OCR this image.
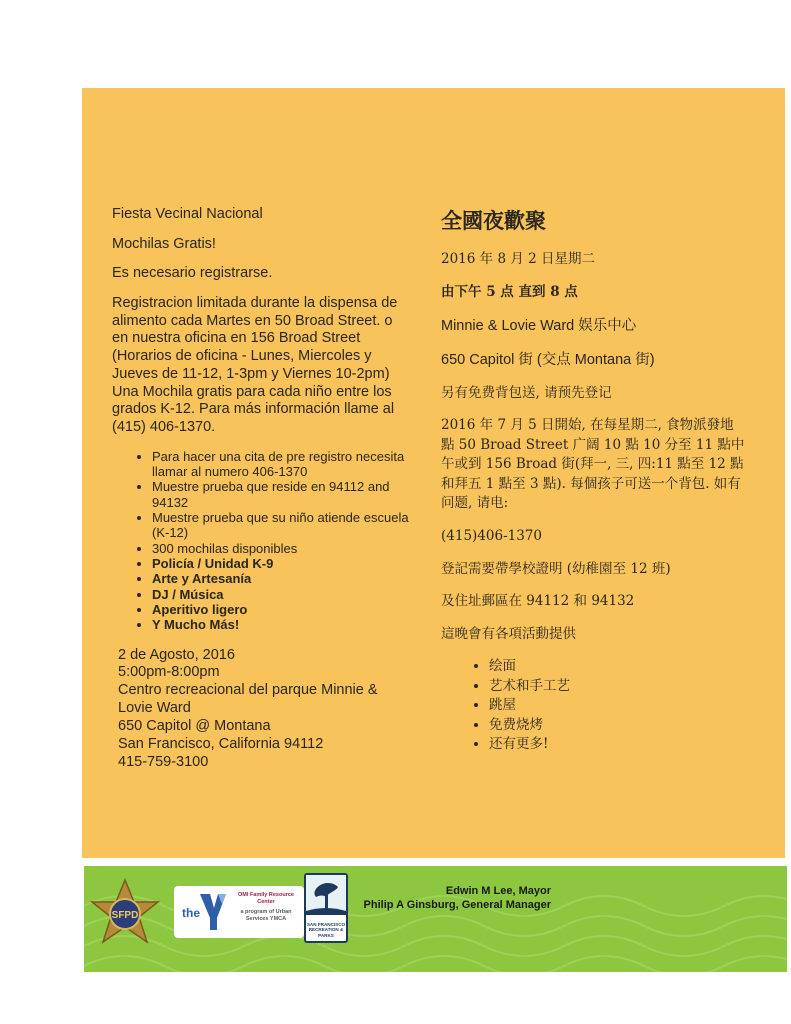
Fiesta Vecinal Nacional

Mochilas Gratis!

Es necesario registrarse.

Registracion limitada durante la dispensa de alimento cada Martes en 50 Broad Street. o en nuestra oficina en 156 Broad Street (Horarios de oficina - Lunes, Miercoles y Jueves de 11-12, 1-3pm y Viernes 10-2pm) Una Mochila gratis para cada niño entre los grados K-12. Para más información llame al (415) 406-1370.

• Para hacer una cita de pre registro necesita llamar al numero 406-1370
• Muestre prueba que reside en 94112 and 94132
• Muestre prueba que su niño atiende escuela (K-12)
• 300 mochilas disponibles
• Policía / Unidad K-9
• Arte y Artesanía
• DJ / Música
• Aperitivo ligero
• Y Mucho Más!
2 de Agosto, 2016
5:00pm-8:00pm
Centro recreacional del parque Minnie & Lovie Ward
650 Capitol @ Montana
San Francisco, California 94112
415-759-3100

全國夜歡聚

2016 年 8 月 2 日星期二

由下午 5 点 直到 8 点

Minnie & Lovie Ward 娱乐中心

650 Capitol 街 (交点 Montana 街)

另有免费背包送, 请预先登记

2016 年 7 月 5 日開始, 在每星期二, 食物派發地點 50 Broad Street 广阔 10 點 10 分至 11 點中午或到 156 Broad 街(拜一, 三, 四:11 點至 12 點和拜五 1 點至 3 點). 每個孩子可送一个背包. 如有问题, 请电:

(415)406-1370

登記需要帶學校證明 (幼稚園至 12 班)

及住址郵區在 94112 和 94132

這晚會有各項活動提供

• 绘面
• 艺术和手工艺
• 跳屋
• 免费烧烤
• 还有更多!
SFPD	the
OMI Family Resource Center
a program of Urban Services YMCA
SAN FRANCISCO
RECREATION & PARKS
Edwin M Lee, Mayor
Philip A Ginsburg, General Manager
